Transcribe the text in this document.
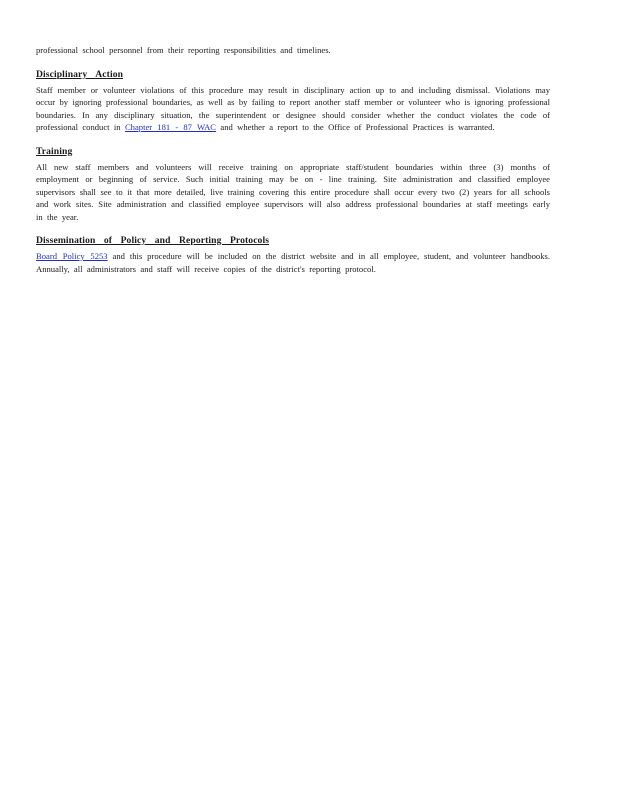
professional school personnel from their reporting responsibilities and timelines.

Disciplinary Action

Staff member or volunteer violations of this procedure may result in disciplinary action up to and including dismissal. Violations may occur by ignoring professional boundaries, as well as by failing to report another staff member or volunteer who is ignoring professional boundaries. In any disciplinary situation, the superintendent or designee should consider whether the conduct violates the code of professional conduct in Chapter 181 - 87 WAC and whether a report to the Office of Professional Practices is warranted.

Training

All new staff members and volunteers will receive training on appropriate staff/student boundaries within three (3) months of employment or beginning of service. Such initial training may be on - line training. Site administration and classified employee supervisors shall see to it that more detailed, live training covering this entire procedure shall occur every two (2) years for all schools and work sites. Site administration and classified employee supervisors will also address professional boundaries at staff meetings early in the year.

Dissemination of Policy and Reporting Protocols

Board Policy 5253 and this procedure will be included on the district website and in all employee, student, and volunteer handbooks. Annually, all administrators and staff will receive copies of the district's reporting protocol.
